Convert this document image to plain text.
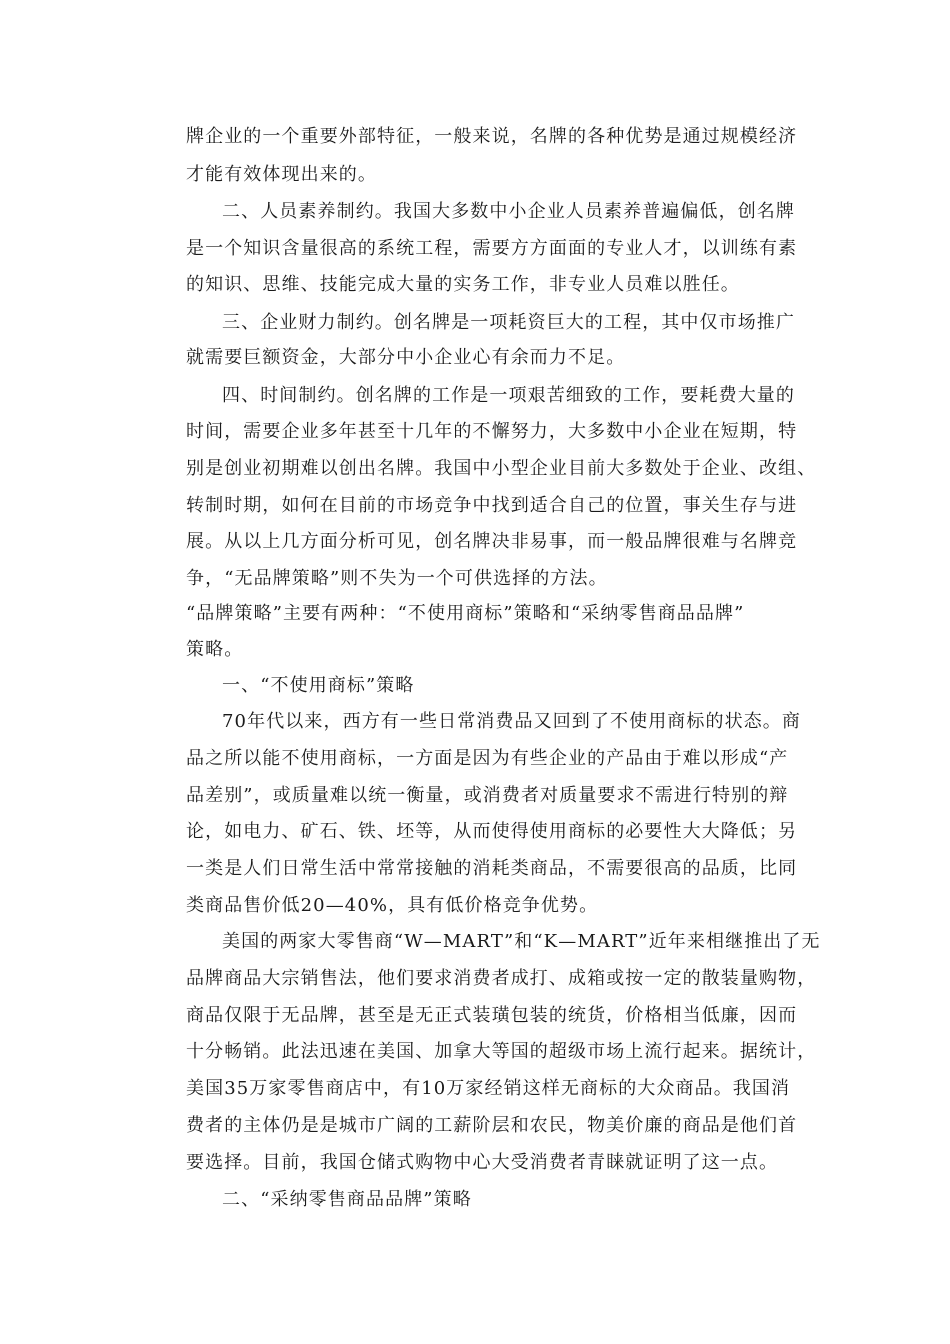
牌企业的一个重要外部特征，一般来说，名牌的各种优势是通过规模经济
才能有效体现出来的。
二、人员素养制约。我国大多数中小企业人员素养普遍偏低，创名牌
是一个知识含量很高的系统工程，需要方方面面的专业人才，以训练有素
的知识、思维、技能完成大量的实务工作，非专业人员难以胜任。
三、企业财力制约。创名牌是一项耗资巨大的工程，其中仅市场推广
就需要巨额资金，大部分中小企业心有余而力不足。
四、时间制约。创名牌的工作是一项艰苦细致的工作，要耗费大量的
时间，需要企业多年甚至十几年的不懈努力，大多数中小企业在短期，特
别是创业初期难以创出名牌。我国中小型企业目前大多数处于企业、改组、
转制时期，如何在目前的市场竞争中找到适合自己的位置，事关生存与进
展。从以上几方面分析可见，创名牌决非易事，而一般品牌很难与名牌竞
争，“无品牌策略”则不失为一个可供选择的方法。
“品牌策略”主要有两种：“不使用商标”策略和“采纳零售商品品牌”
策略。
一、“不使用商标”策略
70年代以来，西方有一些日常消费品又回到了不使用商标的状态。商
品之所以能不使用商标，一方面是因为有些企业的产品由于难以形成“产
品差别”，或质量难以统一衡量，或消费者对质量要求不需进行特别的辩
论，如电力、矿石、铁、坯等，从而使得使用商标的必要性大大降低；另
一类是人们日常生活中常常接触的消耗类商品，不需要很高的品质，比同
类商品售价低20—40%，具有低价格竞争优势。
美国的两家大零售商“W—MART”和“K—MART”近年来相继推出了无
品牌商品大宗销售法，他们要求消费者成打、成箱或按一定的散装量购物，
商品仅限于无品牌，甚至是无正式装璜包装的统货，价格相当低廉，因而
十分畅销。此法迅速在美国、加拿大等国的超级市场上流行起来。据统计，
美国35万家零售商店中，有10万家经销这样无商标的大众商品。我国消
费者的主体仍是是城市广阔的工薪阶层和农民，物美价廉的商品是他们首
要选择。目前，我国仓储式购物中心大受消费者青睐就证明了这一点。
二、“采纳零售商品品牌”策略
